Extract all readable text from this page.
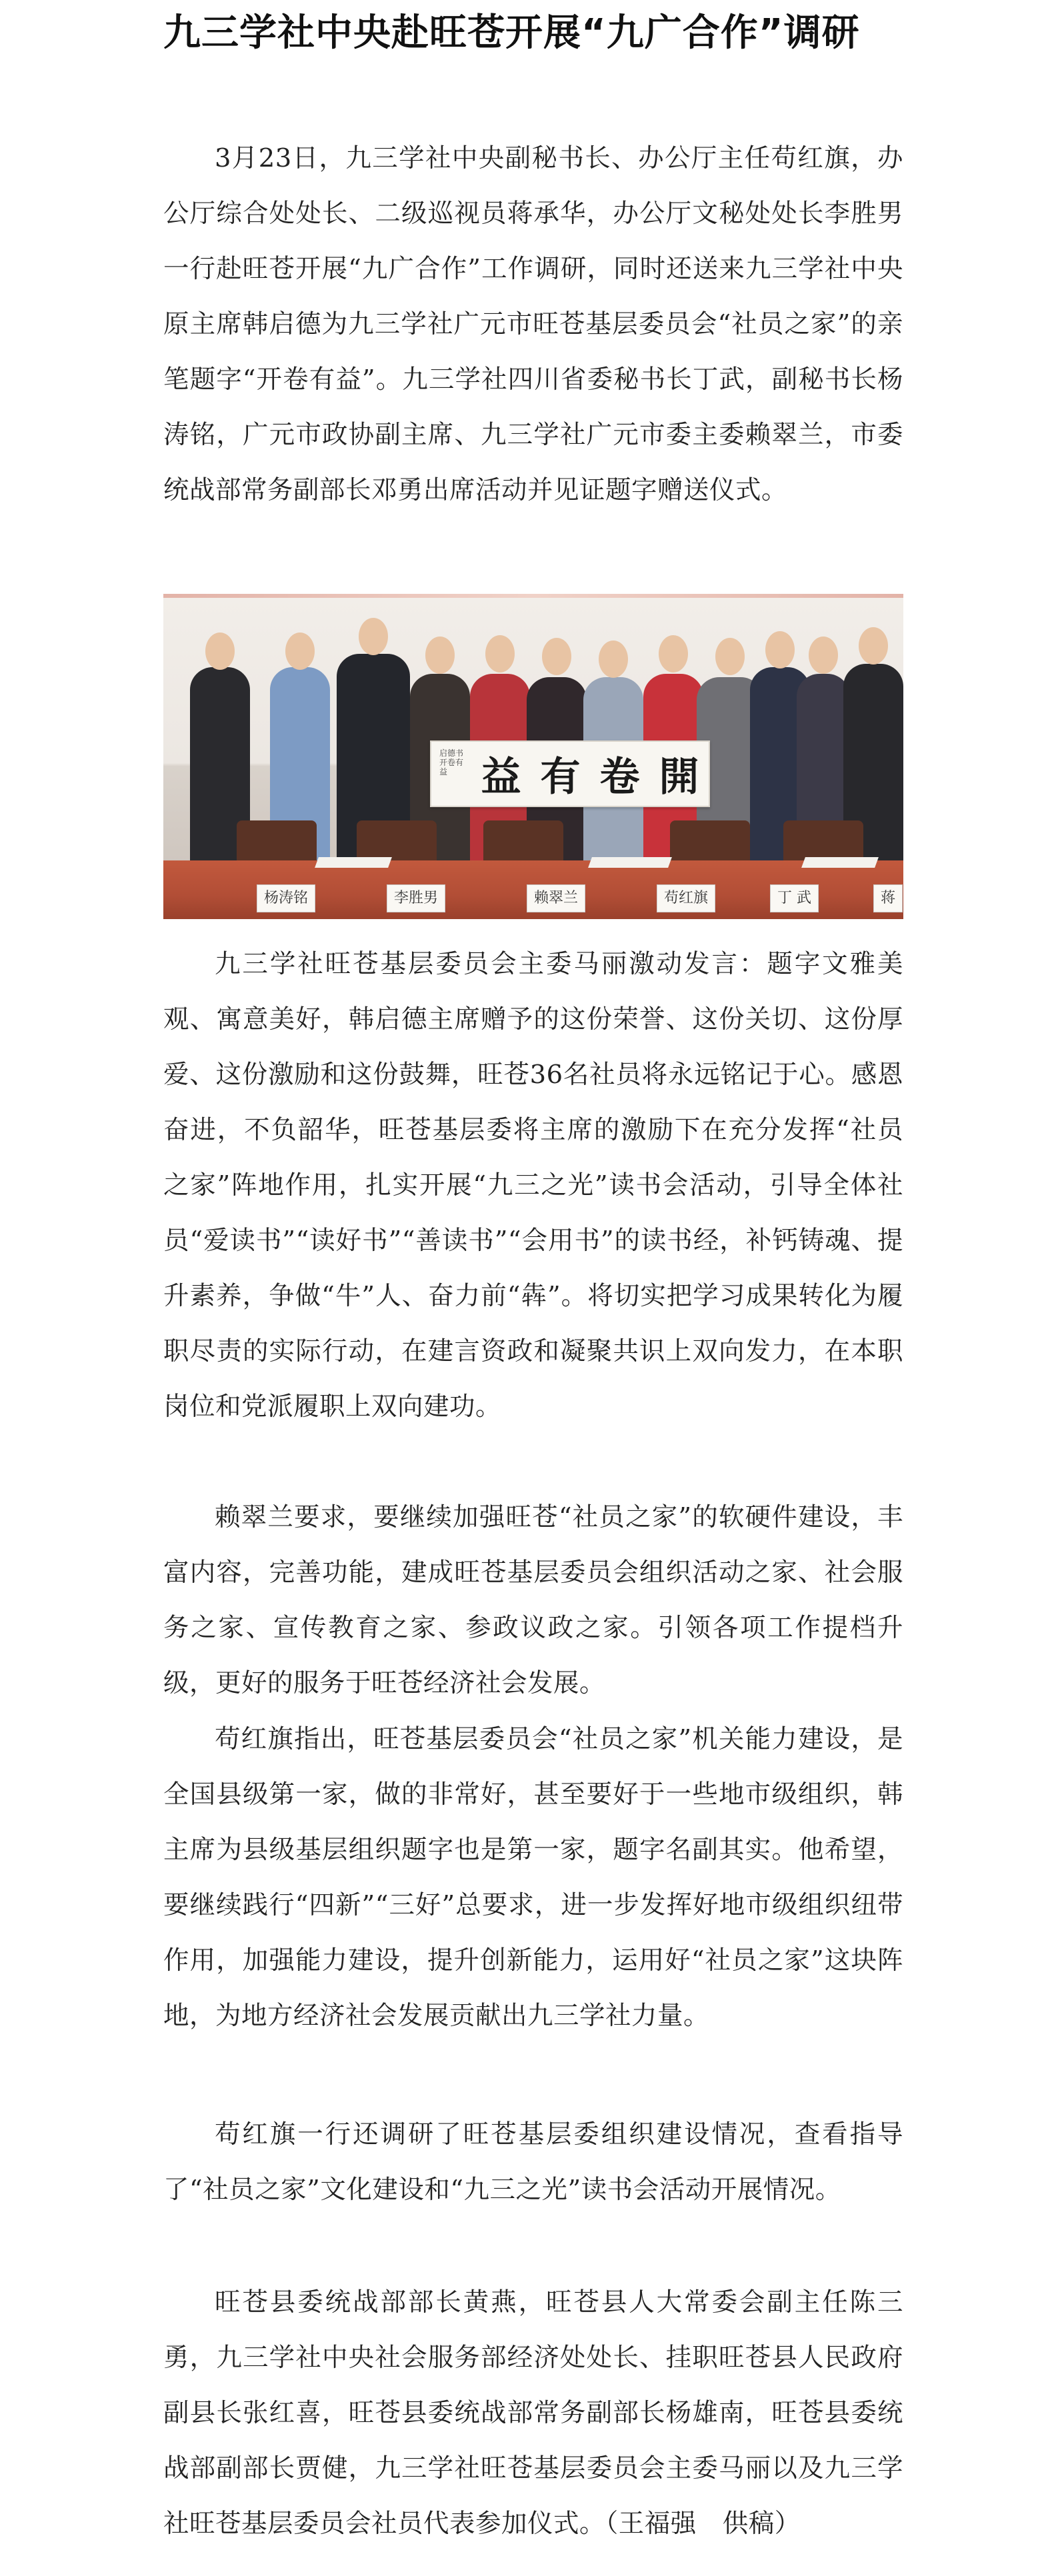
九三学社中央赴旺苍开展“九广合作”调研

3月23日，九三学社中央副秘书长、办公厅主任苟红旗，办公厅综合处处长、二级巡视员蒋承华，办公厅文秘处处长李胜男一行赴旺苍开展“九广合作”工作调研，同时还送来九三学社中央原主席韩启德为九三学社广元市旺苍基层委员会“社员之家”的亲笔题字“开卷有益”。九三学社四川省委秘书长丁武，副秘书长杨涛铭，广元市政协副主席、九三学社广元市委主委赖翠兰，市委统战部常务副部长邓勇出席活动并见证题字赠送仪式。

启德书 开卷有益 益 有 卷 開
杨涛铭	李胜男	赖翠兰	苟红旗	丁 武	蒋

九三学社旺苍基层委员会主委马丽激动发言：题字文雅美观、寓意美好，韩启德主席赠予的这份荣誉、这份关切、这份厚爱、这份激励和这份鼓舞，旺苍36名社员将永远铭记于心。感恩奋进，不负韶华，旺苍基层委将主席的激励下在充分发挥“社员之家”阵地作用，扎实开展“九三之光”读书会活动，引导全体社员“爱读书”“读好书”“善读书”“会用书”的读书经，补钙铸魂、提升素养，争做“牛”人、奋力前“犇”。将切实把学习成果转化为履职尽责的实际行动，在建言资政和凝聚共识上双向发力，在本职岗位和党派履职上双向建功。

赖翠兰要求，要继续加强旺苍“社员之家”的软硬件建设，丰富内容，完善功能，建成旺苍基层委员会组织活动之家、社会服务之家、宣传教育之家、参政议政之家。引领各项工作提档升级，更好的服务于旺苍经济社会发展。

苟红旗指出，旺苍基层委员会“社员之家”机关能力建设，是全国县级第一家，做的非常好，甚至要好于一些地市级组织，韩主席为县级基层组织题字也是第一家，题字名副其实。他希望，要继续践行“四新”“三好”总要求，进一步发挥好地市级组织纽带作用，加强能力建设，提升创新能力，运用好“社员之家”这块阵地，为地方经济社会发展贡献出九三学社力量。

苟红旗一行还调研了旺苍基层委组织建设情况，查看指导了“社员之家”文化建设和“九三之光”读书会活动开展情况。

旺苍县委统战部部长黄燕，旺苍县人大常委会副主任陈三勇，九三学社中央社会服务部经济处处长、挂职旺苍县人民政府副县长张红喜，旺苍县委统战部常务副部长杨雄南，旺苍县委统战部副部长贾健，九三学社旺苍基层委员会主委马丽以及九三学社旺苍基层委员会社员代表参加仪式。（王福强　供稿）
